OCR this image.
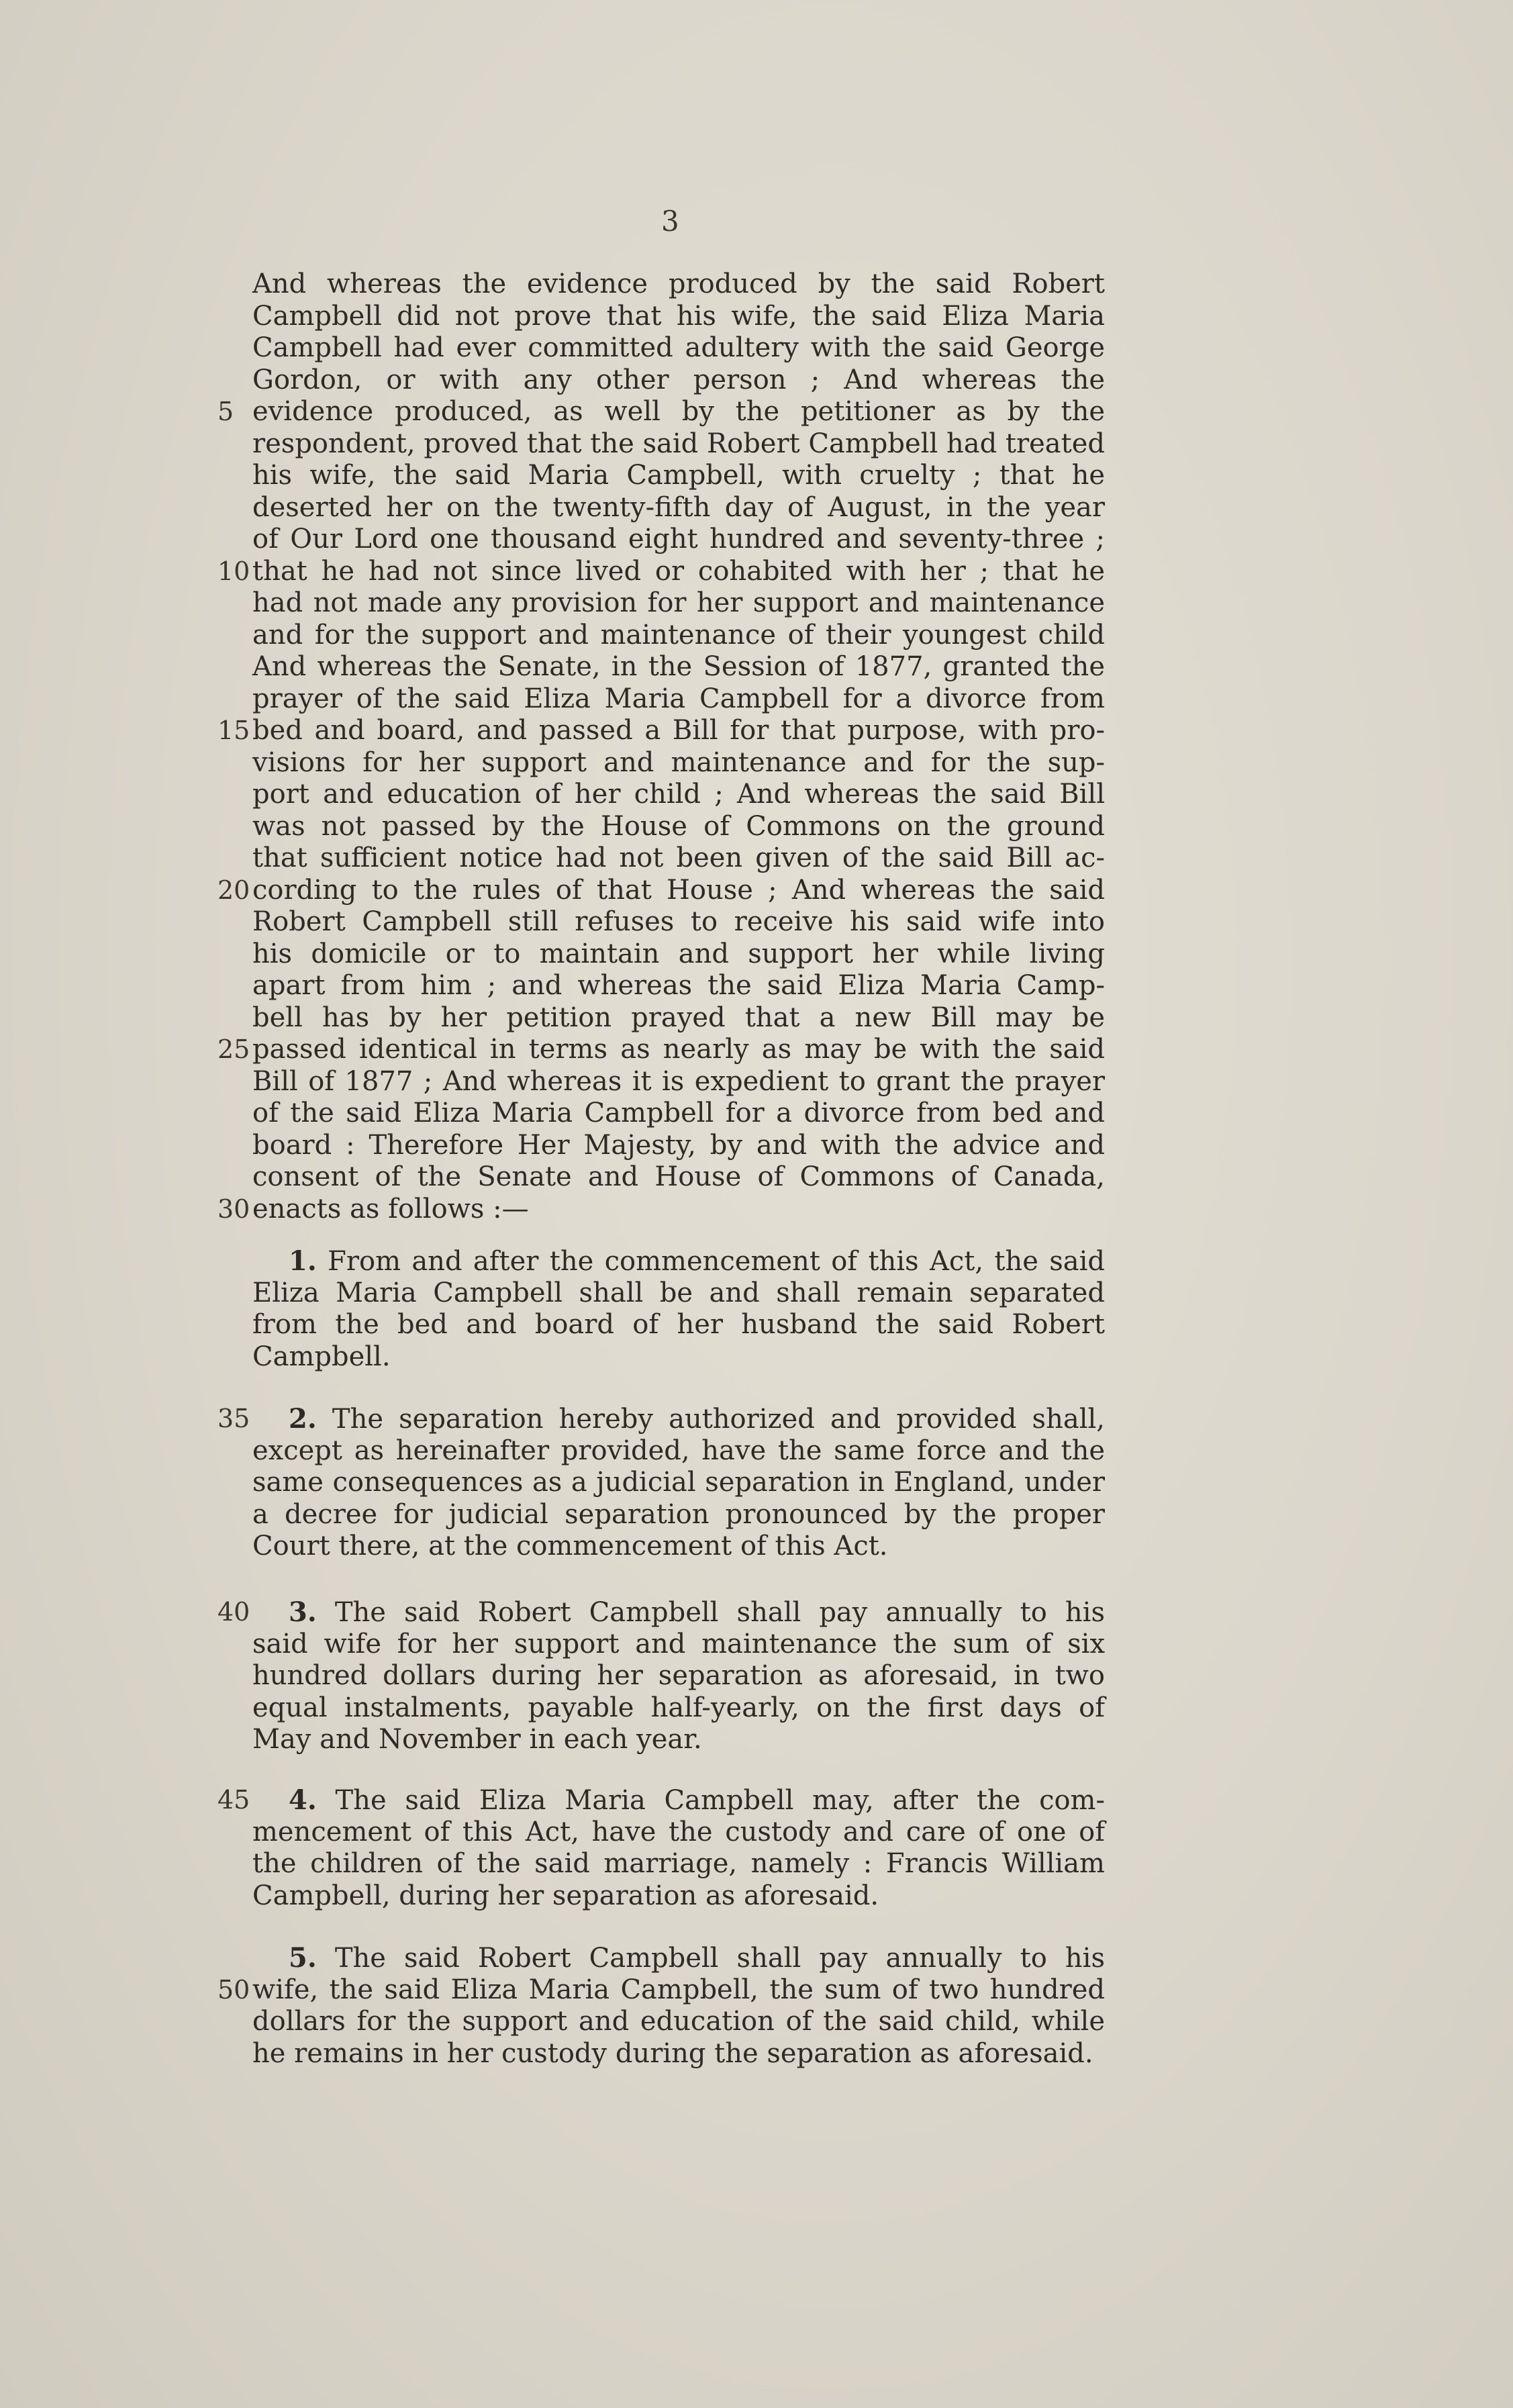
3
And whereas the evidence produced by the said Robert
Campbell did not prove that his wife, the said Eliza Maria
Campbell had ever committed adultery with the said George
Gordon, or with any other person ; And whereas the
5 evidence produced, as well by the petitioner as by the
respondent, proved that the said Robert Campbell had treated
his wife, the said Maria Campbell, with cruelty ; that he
deserted her on the twenty-fifth day of August, in the year
of Our Lord one thousand eight hundred and seventy-three ;
10 that he had not since lived or cohabited with her ; that he
had not made any provision for her support and maintenance
and for the support and maintenance of their youngest child
And whereas the Senate, in the Session of 1877, granted the
prayer of the said Eliza Maria Campbell for a divorce from
15 bed and board, and passed a Bill for that purpose, with pro-
visions for her support and maintenance and for the sup-
port and education of her child ; And whereas the said Bill
was not passed by the House of Commons on the ground
that sufficient notice had not been given of the said Bill ac-
20 cording to the rules of that House ; And whereas the said
Robert Campbell still refuses to receive his said wife into
his domicile or to maintain and support her while living
apart from him ; and whereas the said Eliza Maria Camp-
bell has by her petition prayed that a new Bill may be
25 passed identical in terms as nearly as may be with the said
Bill of 1877 ; And whereas it is expedient to grant the prayer
of the said Eliza Maria Campbell for a divorce from bed and
board : Therefore Her Majesty, by and with the advice and
consent of the Senate and House of Commons of Canada,
30 enacts as follows :—
1. From and after the commencement of this Act, the said
Eliza Maria Campbell shall be and shall remain separated
from the bed and board of her husband the said Robert
Campbell.
35	2. The separation hereby authorized and provided shall,
except as hereinafter provided, have the same force and the
same consequences as a judicial separation in England, under
a decree for judicial separation pronounced by the proper
Court there, at the commencement of this Act.
40	3. The said Robert Campbell shall pay annually to his
said wife for her support and maintenance the sum of six
hundred dollars during her separation as aforesaid, in two
equal instalments, payable half-yearly, on the first days of
May and November in each year.
45	4. The said Eliza Maria Campbell may, after the com-
mencement of this Act, have the custody and care of one of
the children of the said marriage, namely : Francis William
Campbell, during her separation as aforesaid.
5. The said Robert Campbell shall pay annually to his
50 wife, the said Eliza Maria Campbell, the sum of two hundred
dollars for the support and education of the said child, while
he remains in her custody during the separation as aforesaid.
